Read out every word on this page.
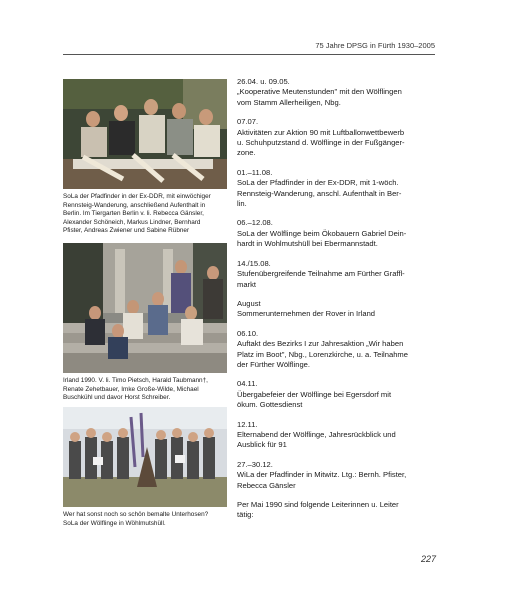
75 Jahre DPSG in Fürth 1930–2005

SoLa der Pfadfinder in der Ex-DDR, mit einwöchiger

Rennsteig-Wanderung, anschließend Aufenthalt in

Berlin. Im Tiergarten Berlin v. li. Rebecca Gänsler,

Alexander Schöneich, Markus Lindner, Bernhard

Pfister, Andreas Zwiener und Sabine Rübner

Irland 1990. V. li. Timo Pietsch, Harald Taubmann†,

Renate Zehetbauer, Imke Große-Wilde, Michael

Buschkühl und davor Horst Schreiber.

Wer hat sonst noch so schön bemalte Unterhosen?

SoLa der Wölflinge in Wöhlmutshüll.

26.04. u. 09.05.
„Kooperative Meutenstunden" mit den Wölflingen
vom Stamm Allerheiligen, Nbg.
07.07.
Aktivitäten zur Aktion 90 mit Luftballonwettbewerb
u. Schuhputzstand d. Wölflinge in der Fußgänger-
zone.
01.–11.08.
SoLa der Pfadfinder in der Ex-DDR, mit 1-wöch.
Rennsteig-Wanderung, anschl. Aufenthalt in Ber-
lin.
06.–12.08.
SoLa der Wölflinge beim Ökobauern Gabriel Dein-
hardt in Wohlmutshüll bei Ebermannstadt.
14./15.08.
Stufenübergreifende Teilnahme am Fürther Graffl-
markt
August
Sommerunternehmen der Rover in Irland
06.10.
Auftakt des Bezirks I zur Jahresaktion „Wir haben
Platz im Boot", Nbg., Lorenzkirche, u. a. Teilnahme
der Fürther Wölflinge.
04.11.
Übergabefeier der Wölflinge bei Egersdorf mit
ökum. Gottesdienst
12.11.
Elternabend der Wölflinge, Jahresrückblick und
Ausblick für 91
27.–30.12.
WiLa der Pfadfinder in Mitwitz. Ltg.: Bernh. Pfister,
Rebecca Gänsler
Per Mai 1990 sind folgende Leiterinnen u. Leiter
tätig:
227
